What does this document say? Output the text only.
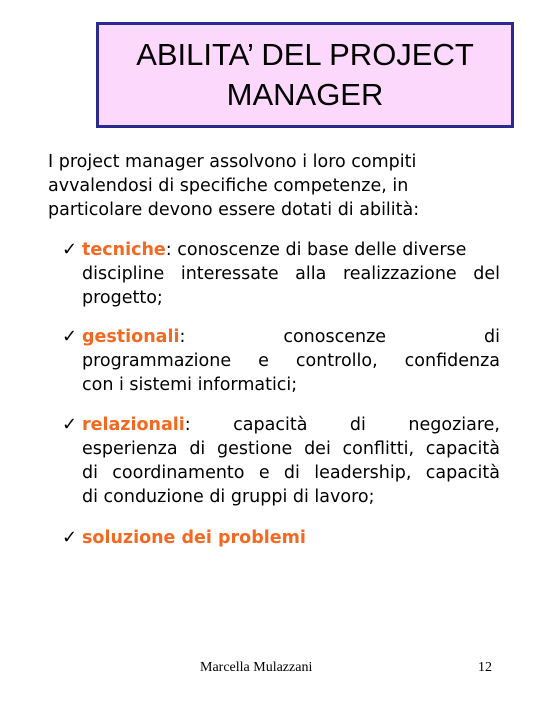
ABILITA’ DEL PROJECT
MANAGER
I project manager assolvono i loro compiti
avvalendosi di specifiche competenze, in
particolare devono essere dotati di abilità:
✓ tecniche: conoscenze di base delle diverse
discipline interessate alla realizzazione del
progetto;
✓ gestionali: conoscenze di
programmazione e controllo, confidenza
con i sistemi informatici;
✓ relazionali: capacità di negoziare,
esperienza di gestione dei conflitti, capacità
di coordinamento e di leadership, capacità
di conduzione di gruppi di lavoro;
✓ soluzione dei problemi
Marcella Mulazzani	12
